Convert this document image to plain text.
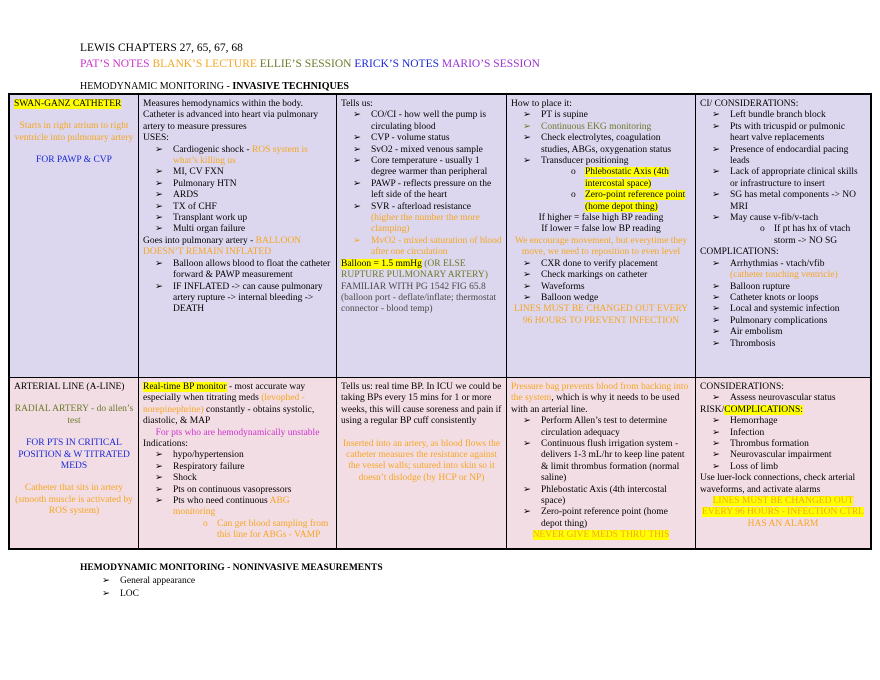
LEWIS CHAPTERS 27, 65, 67, 68
PAT’S NOTES BLANK’S LECTURE ELLIE’S SESSION ERICK’S NOTES MARIO’S SESSION
HEMODYNAMIC MONITORING - INVASIVE TECHNIQUES
SWAN-GANZ CATHETER

Starts in right atrium to right ventricle into pulmonary artery

FOR PAWP & CVP

Measures hemodynamics within the body. Catheter is advanced into heart via pulmonary artery to measure pressures

USES:

➢ Cardiogenic shock - ROS system is what’s killing us
➢ MI, CV FXN
➢ Pulmonary HTN
➢ ARDS
➢ TX of CHF
➢ Transplant work up
➢ Multi organ failure

Goes into pulmonary artery - BALLOON DOESN’T REMAIN INFLATED

➢ Balloon allows blood to float the catheter forward & PAWP measurement
➢ IF INFLATED -> can cause pulmonary artery rupture -> internal bleeding -> DEATH

Tells us:

➢ CO/CI - how well the pump is circulating blood
➢ CVP - volume status
➢ SvO2 - mixed venous sample
➢ Core temperature - usually 1 degree warmer than peripheral
➢ PAWP - reflects pressure on the left side of the heart
➢ SVR - afterload resistance
(higher the number the more clamping)
➢ MvO2 - mixed saturation of blood after one circulation

Balloon = 1.5 mmHg (OR ELSE RUPTURE PULMONARY ARTERY)

FAMILIAR WITH PG 1542 FIG 65.8

(balloon port - deflate/inflate; thermostat connector - blood temp)

How to place it:

➢ PT is supine
➢ Continuous EKG monitoring
➢ Check electrolytes, coagulation studies, ABGs, oxygenation status
➢ Transducer positioning
o Phlebostatic Axis (4th intercostal space)
o Zero-point reference point (home depot thing)

If higher = false high BP reading

If lower = false low BP reading

We encourage movement, but everytime they move, we need to reposition to even level

➢ CXR done to verify placement
➢ Check markings on catheter
➢ Waveforms
➢ Balloon wedge

LINES MUST BE CHANGED OUT EVERY 96 HOURS TO PREVENT INFECTION

CI/ CONSIDERATIONS:

➢ Left bundle branch block
➢ Pts with tricuspid or pulmonic heart valve replacements
➢ Presence of endocardial pacing leads
➢ Lack of appropriate clinical skills or infrastructure to insert
➢ SG has metal components -> NO MRI
➢ May cause v-fib/v-tach
o If pt has hx of vtach storm -> NO SG

COMPLICATIONS:

➢ Arrhythmias - vtach/vfib
(catheter touching ventricle)
➢ Balloon rupture
➢ Catheter knots or loops
➢ Local and systemic infection
➢ Pulmonary complications
➢ Air embolism
➢ Thrombosis

ARTERIAL LINE (A-LINE)

RADIAL ARTERY - do allen’s test

FOR PTS IN CRITICAL POSITION & W TITRATED MEDS

Catheter that sits in artery (smooth muscle is activated by ROS system)

Real-time BP monitor - most accurate way especially when titrating meds (levophed - norepinephrine) constantly - obtains systolic, diastolic, & MAP

For pts who are hemodynamically unstable

Indications:

➢ hypo/hypertension
➢ Respiratory failure
➢ Shock
➢ Pts on continuous vasopressors
➢ Pts who need continuous ABG monitoring
o Can get blood sampling from this line for ABGs - VAMP

Tells us: real time BP. In ICU we could be taking BPs every 15 mins for 1 or more weeks, this will cause soreness and pain if using a regular BP cuff consistently

Inserted into an artery, as blood flows the catheter measures the resistance against the vessel walls; sutured into skin so it doesn’t dislodge (by HCP or NP)

Pressure bag prevents blood from backing into the system, which is why it needs to be used with an arterial line.

➢ Perform Allen’s test to determine circulation adequacy
➢ Continuous flush irrigation system - delivers 1-3 mL/hr to keep line patent & limit thrombus formation (normal saline)
➢ Phlebostatic Axis (4th intercostal space)
➢ Zero-point reference point (home depot thing)

NEVER GIVE MEDS THRU THIS

CONSIDERATIONS:

➢ Assess neurovascular status

RISK/COMPLICATIONS:

➢ Hemorrhage
➢ Infection
➢ Thrombus formation
➢ Neurovascular impairment
➢ Loss of limb

Use luer-lock connections, check arterial waveforms, and activate alarms

LINES MUST BE CHANGED OUT EVERY 96 HOURS - INFECTION CTRL

HAS AN ALARM

HEMODYNAMIC MONITORING - NONINVASIVE MEASUREMENTS
➢ General appearance
➢ LOC
